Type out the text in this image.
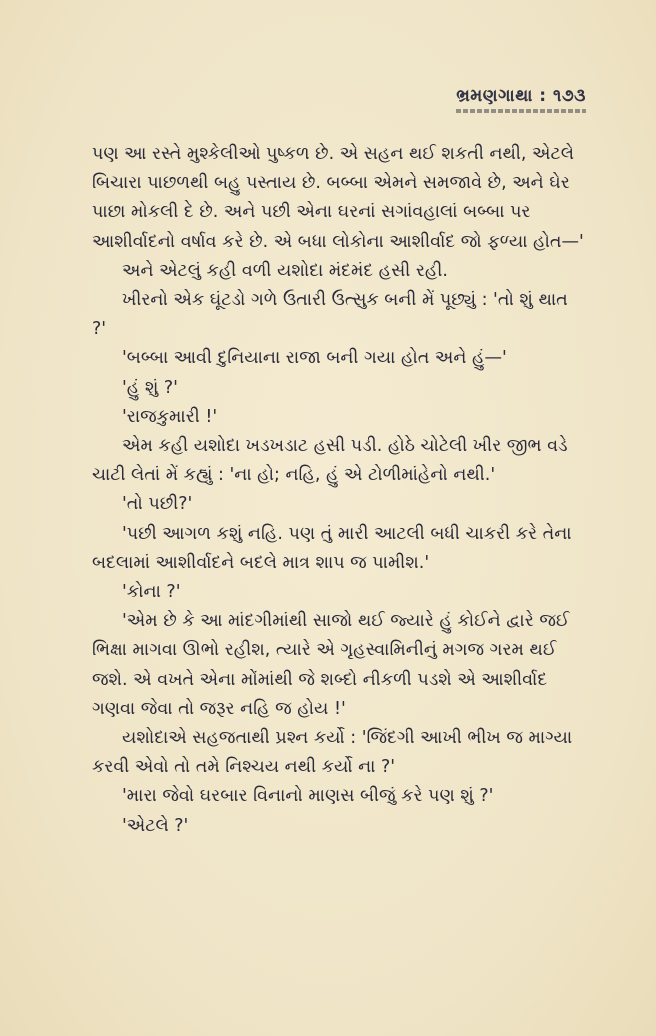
ભ્રમણગાથા : ૧૭૩

પણ આ રસ્તે મુશ્કેલીઓ પુષ્કળ છે. એ સહન થઈ શકતી નથી, એટલે બિચારા પાછળથી બહુ પસ્તાય છે. બબ્બા એમને સમજાવે છે, અને ઘેર પાછા મોકલી દે છે. અને પછી એના ઘરનાં સગાંવહાલાં બબ્બા પર આશીર્વાદનો વર્ષાવ કરે છે. એ બધા લોકોના આશીર્વાદ જો ફળ્યા હોત—'

અને એટલું કહી વળી યશોદા મંદમંદ હસી રહી.

ખીરનો એક ઘૂંટડો ગળે ઉતારી ઉત્સુક બની મેં પૂછ્યું : 'તો શું થાત ?'

'બબ્બા આવી દુનિયાના રાજા બની ગયા હોત અને હું—'

'હું શું ?'

'રાજકુમારી !'

એમ કહી યશોદા ખડખડાટ હસી પડી. હોઠે ચોટેલી ખીર જીભ વડે ચાટી લેતાં મેં કહ્યું : 'ના હો; નહિ, હું એ ટોળીમાંહેનો નથી.'

'તો પછી?'

'પછી આગળ કશું નહિ. પણ તું મારી આટલી બધી ચાકરી કરે તેના બદલામાં આશીર્વાદને બદલે માત્ર શાપ જ પામીશ.'

'કોના ?'

'એમ છે કે આ માંદગીમાંથી સાજો થઈ જ્યારે હું કોઈને દ્વારે જઈ ભિક્ષા માગવા ઊભો રહીશ, ત્યારે એ ગૃહસ્વામિનીનું મગજ ગરમ થઈ જશે. એ વખતે એના મોંમાંથી જે શબ્દો નીકળી પડશે એ આશીર્વાદ ગણવા જેવા તો જરૂર નહિ જ હોય !'

યશોદાએ સહજતાથી પ્રશ્ન કર્યો : 'જિંદગી આખી ભીખ જ માગ્યા કરવી એવો તો તમે નિશ્ચય નથી કર્યો ના ?'

'મારા જેવો ઘરબાર વિનાનો માણસ બીજું કરે પણ શું ?'

'એટલે ?'
